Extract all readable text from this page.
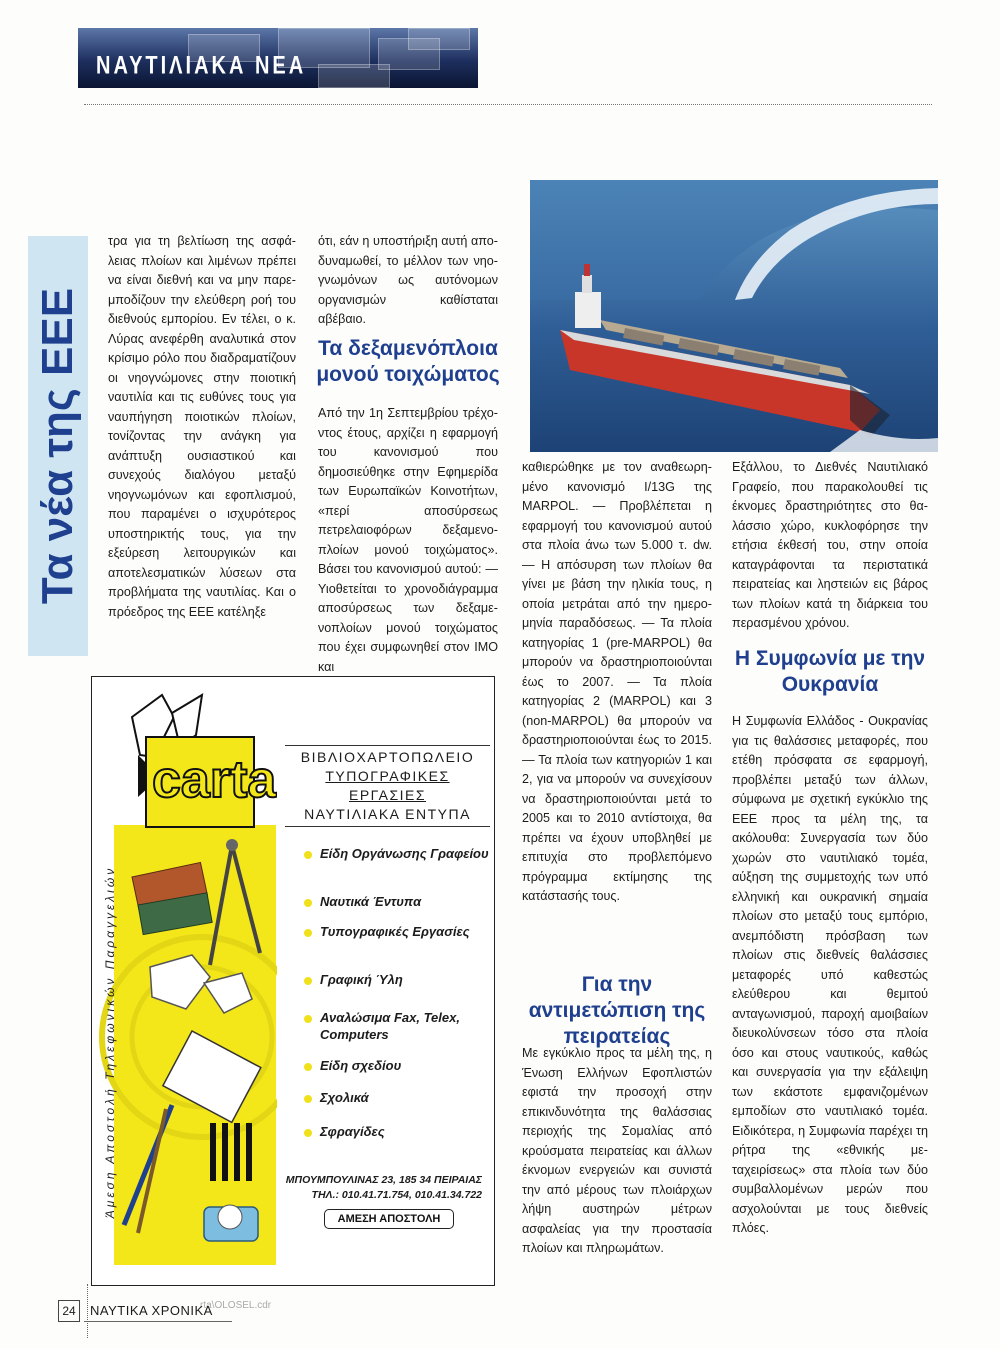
ΝΑΥΤΙΛΙΑΚΑ ΝΕΑ
Τα νέα της ΕΕΕ

τρα για τη βελτίωση της ασφάλειας πλοίων και λιμένων πρέπει να είναι διεθνή και να μην παρεμποδίζουν την ελεύθερη ροή του διεθνούς εμπορίου. Εν τέλει, ο κ. Λύρας ανεφέρθη αναλυτικά στον κρίσιμο ρόλο που διαδραματίζουν οι νηογνώμονες στην ποιοτική ναυτιλία και τις ευθύνες τους για ναυπήγηση ποιοτικών πλοίων, τονίζοντας την ανάγκη για ανάπτυξη ουσιαστικού και συνεχούς διαλόγου μεταξύ νηογνωμόνων και εφοπλισμού, που παραμένει ο ισχυρότερος υποστηρικτής τους, για την εξεύρεση λειτουργικών και αποτελεσματικών λύσεων στα προβλήματα της ναυτιλίας. Και ο πρόεδρος της ΕΕΕ κατέληξε

ότι, εάν η υποστήριξη αυτή αποδυναμωθεί, το μέλλον των νηογνωμόνων ως αυτόνομων οργανισμών καθίσταται αβέβαιο.

Τα δεξαμενόπλοια μονού τοιχώματος

Από την 1η Σεπτεμβρίου τρέχοντος έτους, αρχίζει η εφαρμογή του κανονισμού που δημοσιεύθηκε στην Εφημερίδα των Ευρωπαϊκών Κοινοτήτων, «περί αποσύρσεως πετρελαιοφόρων δεξαμενοπλοίων μονού τοιχώματος». Βάσει του κανονισμού αυτού: — Υιοθετείται το χρονοδιάγραμμα αποσύρσεως των δεξαμενοπλοίων μονού τοιχώματος που έχει συμφωνηθεί στον ΙΜΟ και

καθιερώθηκε με τον αναθεωρημένο κανονισμό I/13G της MARPOL. — Προβλέπεται η εφαρμογή του κανονισμού αυτού στα πλοία άνω των 5.000 τ. dw. — Η απόσυρση των πλοίων θα γίνει με βάση την ηλικία τους, η οποία μετράται από την ημερομηνία παραδόσεως. — Τα πλοία κατηγορίας 1 (pre-MARPOL) θα μπορούν να δραστηριοποιούνται έως το 2007. — Τα πλοία κατηγορίας 2 (MARPOL) και 3 (non-MARPOL) θα μπορούν να δραστηριοποιούνται έως το 2015. — Τα πλοία των κατηγοριών 1 και 2, για να μπορούν να συνεχίσουν να δραστηριοποιούνται μετά το 2005 και το 2010 αντίστοιχα, θα πρέπει να έχουν υποβληθεί με επιτυχία στο προβλεπόμενο πρόγραμμα εκτίμησης της κατάστασής τους.

Για την αντιμετώπιση της πειρατείας

Με εγκύκλιο προς τα μέλη της, η Ένωση Ελλήνων Εφοπλιστών εφιστά την προσοχή στην επικινδυνότητα της θαλάσσιας περιοχής της Σομαλίας από κρούσματα πειρατείας και άλλων έκνομων ενεργειών και συνιστά την από μέρους των πλοιάρχων λήψη αυστηρών μέτρων ασφαλείας για την προστασία πλοίων και πληρωμάτων.

Εξάλλου, το Διεθνές Ναυτιλιακό Γραφείο, που παρακολουθεί τις έκνομες δραστηριότητες στο θαλάσσιο χώρο, κυκλοφόρησε την ετήσια έκθεσή του, στην οποία καταγράφονται τα περιστατικά πειρατείας και ληστειών εις βάρος των πλοίων κατά τη διάρκεια του περασμένου χρόνου.

Η Συμφωνία με την Ουκρανία

Η Συμφωνία Ελλάδος - Ουκρανίας για τις θαλάσσιες μεταφορές, που ετέθη πρόσφατα σε εφαρμογή, προβλέπει μεταξύ των άλλων, σύμφωνα με σχετική εγκύκλιο της ΕΕΕ προς τα μέλη της, τα ακόλουθα: Συνεργασία των δύο χωρών στο ναυτιλιακό τομέα, αύξηση της συμμετοχής των υπό ελληνική και ουκρανική σημαία πλοίων στο μεταξύ τους εμπόριο, ανεμπόδιστη πρόσβαση των πλοίων στις διεθνείς θαλάσσιες μεταφορές υπό καθεστώς ελεύθερου και θεμιτού ανταγωνισμού, παροχή αμοιβαίων διευκολύνσεων τόσο στα πλοία όσο και στους ναυτικούς, καθώς και συνεργασία για την εξάλειψη των εκάστοτε εμφανιζομένων εμποδίων στο ναυτιλιακό τομέα. Ειδικότερα, η Συμφωνία παρέχει τη ρήτρα της «εθνικής μεταχειρίσεως» στα πλοία των δύο συμβαλλομένων μερών που ασχολούνται με τους διεθνείς πλόες.

carta
Άμεση Αποστολή Τηλεφωνικών Παραγγελιών
ΒΙΒΛΙΟΧΑΡΤΟΠΩΛΕΙΟ
ΤΥΠΟΓΡΑΦΙΚΕΣ ΕΡΓΑΣΙΕΣ
ΝΑΥΤΙΛΙΑΚΑ ΕΝΤΥΠΑ
Είδη Οργάνωσης Γραφείου
Ναυτικά Έντυπα
Τυπογραφικές Εργασίες
Γραφική Ύλη
Αναλώσιμα Fax, Telex, Computers
Είδη σχεδίου
Σχολικά
Σφραγίδες
ΜΠΟΥΜΠΟΥΛΙΝΑΣ 23, 185 34 ΠΕΙΡΑΙΑΣ
ΤΗΛ.: 010.41.71.754, 010.41.34.722
ΑΜΕΣΗ ΑΠΟΣΤΟΛΗ
rta\OLOSEL.cdr
24	ΝΑΥΤΙΚΑ ΧΡΟΝΙΚΑ
